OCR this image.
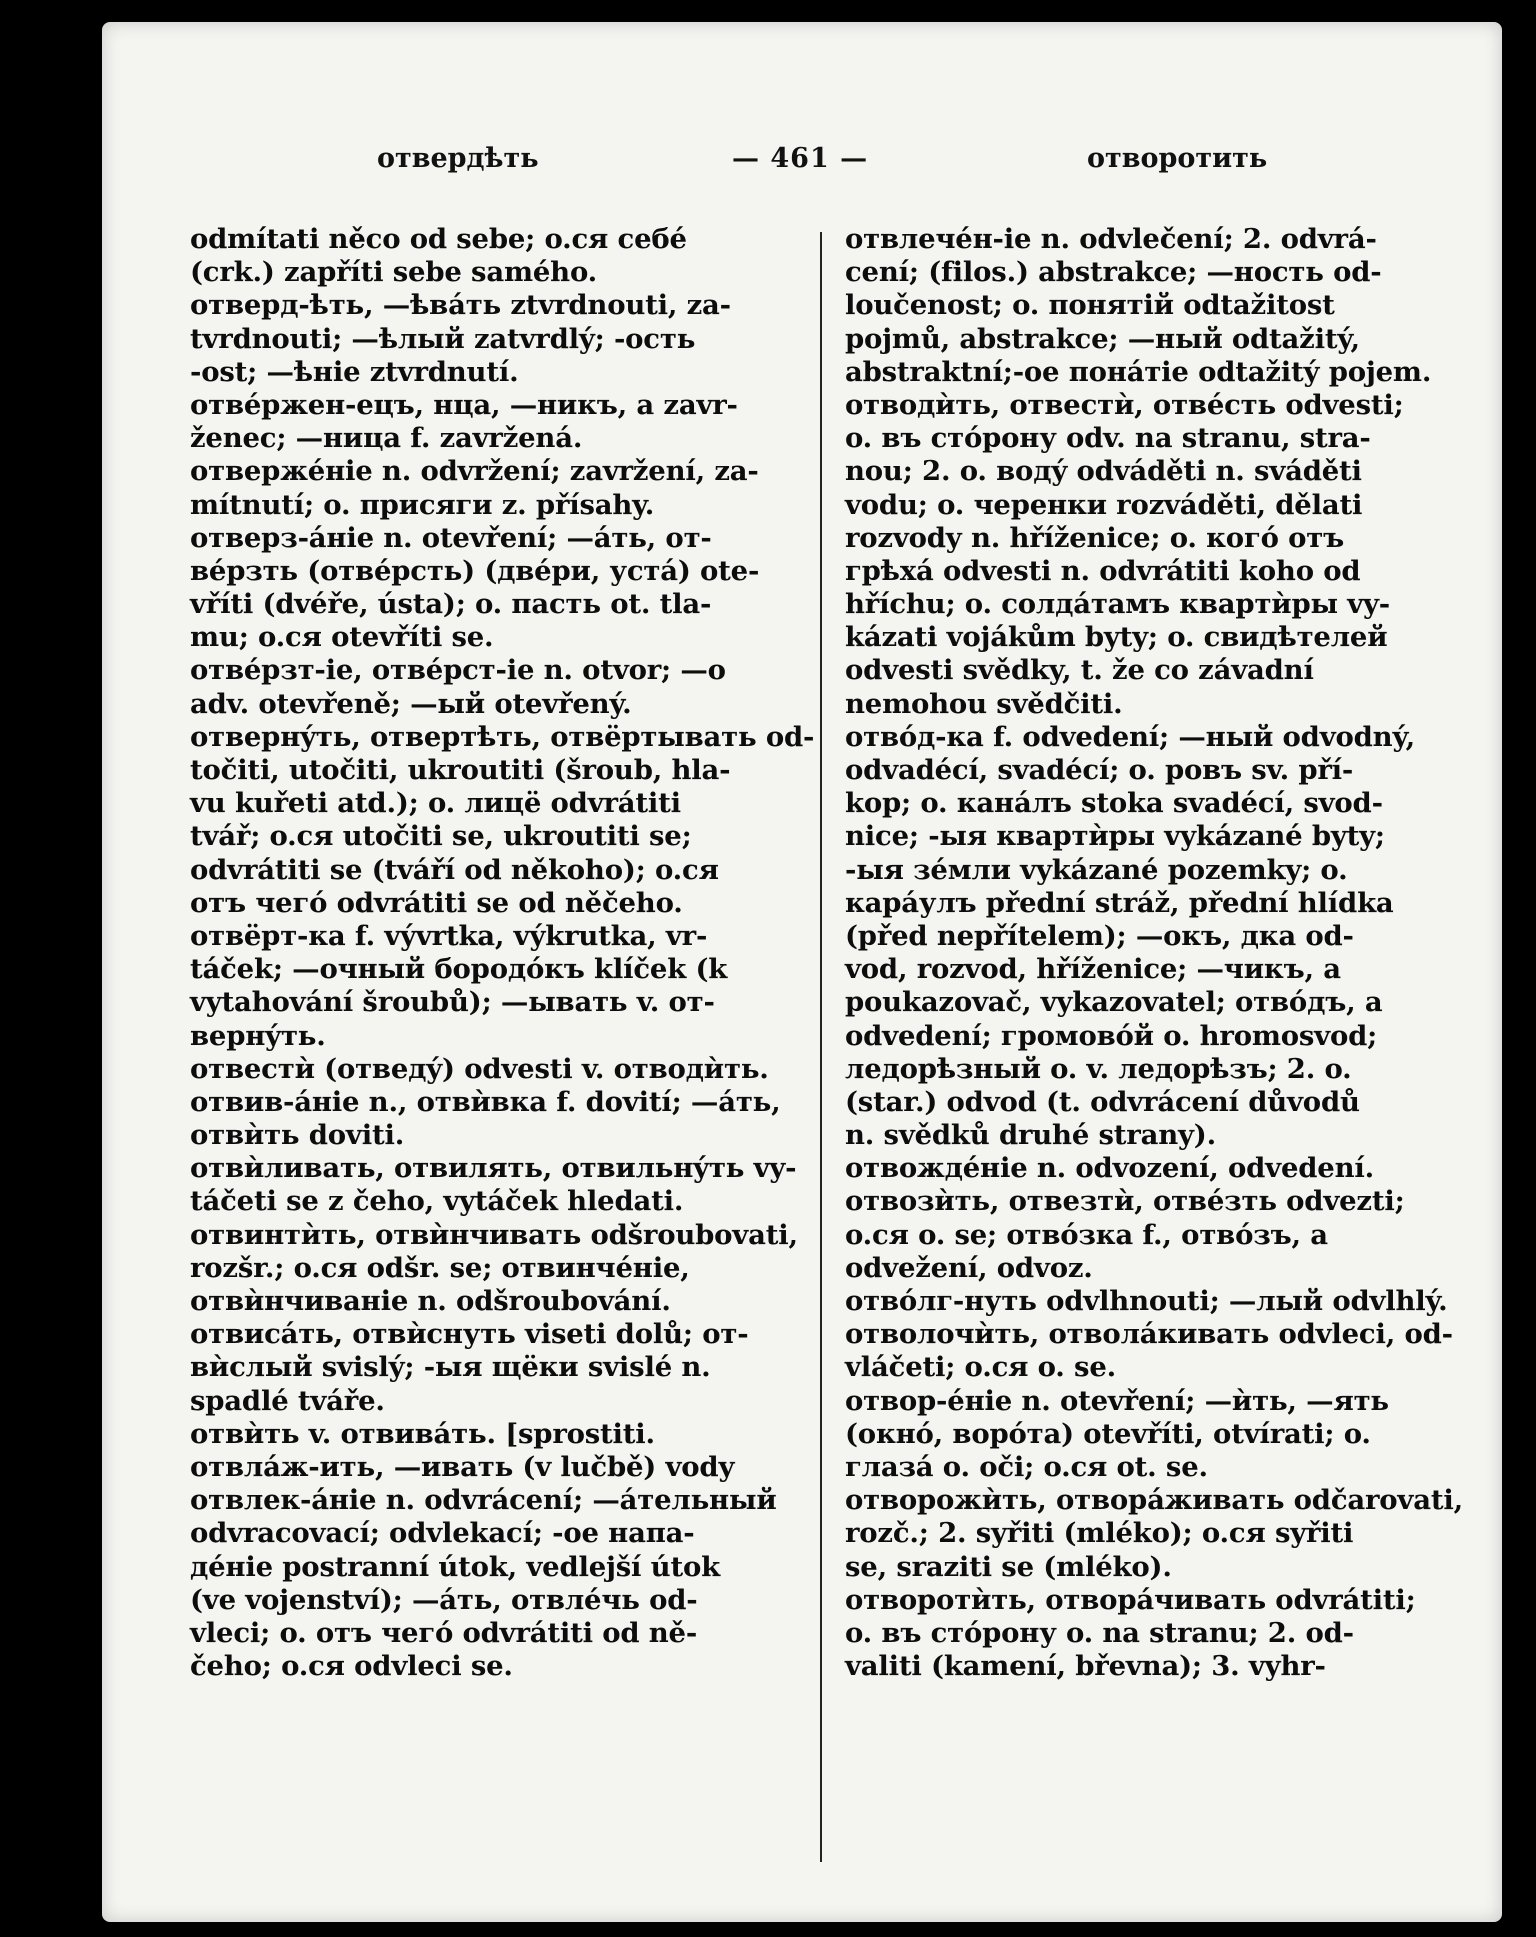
отвердѣть	— 461 —	отворотить
odmítati něco od sebe; o.ся себé
(crk.) zapříti sebe samého.
отверд-ѣть, —ѣвáть ztvrdnouti, za-
tvrdnouti; —ѣлый zatvrdlý; -ость
-ost; —ѣніе ztvrdnutí.
отвéржен-ецъ, нца, —никъ, a zavr-
ženec; —ница f. zavržená.
отвержéніе n. odvržení; zavržení, za-
mítnutí; o. присяги z. přísahy.
отверз-áніе n. otevření; —áть, от-
вéрзть (отвéрсть) (двéри, устá) ote-
vříti (dvéře, ústa); o. пасть ot. tla-
mu; o.ся otevříti se.
отвéрзт-ie, отвéрст-ie n. otvor; —o
adv. otevřeně; —ый otevřený.
отвернýть, отвертѣть, отвёртывать od-
točiti, utočiti, ukroutiti (šroub, hla-
vu kuřeti atd.); o. лицё odvrátiti
tvář; o.ся utočiti se, ukroutiti se;
odvrátiti se (tváří od někoho); o.ся
отъ чегó odvrátiti se od něčeho.
отвёрт-ка f. vývrtka, výkrutka, vr-
táček; —очный бородóкъ klíček (k
vytahování šroubů); —ывать v. от-
вернýть.
отвестѝ (отведý) odvesti v. отводѝть.
отвив-áніе n., отвѝвка f. dovití; —áть,
отвѝть doviti.
отвѝливать, отвилять, отвильнýть vy-
táčeti se z čeho, vytáček hledati.
отвинтѝть, отвѝнчивать odšroubovati,
rozšr.; o.ся odšr. se; отвинчéніе,
отвѝнчиваніе n. odšroubování.
отвисáть, отвѝснуть viseti dolů; от-
вѝслый svislý; -ыя щёки svislé n.
spadlé tváře.
отвѝть v. отвивáть. [sprostiti.
отвлáж-ить, —ивать (v lučbě) vody
отвлек-áніе n. odvrácení; —áтельный
odvracovací; odvlekací; -oe напа-
дéніе postranní útok, vedlejší útok
(ve vojenství); —áть, отвлéчь od-
vleci; o. отъ чегó odvrátiti od ně-
čeho; o.ся odvleci se.
отвлечéн-ie n. odvlečení; 2. odvrá-
cení; (filos.) abstrakce; —ность od-
loučenost; o. понятій odtažitost
pojmů, abstrakce; —ный odtažitý,
abstraktní;-oe понáтie odtažitý pojem.
отводѝть, отвестѝ, отвéсть odvesti;
o. въ стóрону odv. na stranu, stra-
nou; 2. o. водý odváděti n. sváděti
vodu; o. черенки rozváděti, dělati
rozvody n. hříženice; o. когó отъ
грѣхá odvesti n. odvrátiti koho od
hříchu; o. солдáтамъ квартѝры vy-
kázati vojákům byty; o. свидѣтелей
odvesti svědky, t. že co závadní
nemohou svědčiti.
отвóд-ка f. odvedení; —ный odvodný,
odvadécí, svadécí; o. ровъ sv. pří-
kop; o. канáлъ stoka svadécí, svod-
nice; -ыя квартѝры vykázané byty;
-ыя зéмли vykázané pozemky; o.
карáулъ přední stráž, přední hlídka
(před nepřítelem); —окъ, дка od-
vod, rozvod, hříženice; —чикъ, a
poukazovač, vykazovatel; отвóдъ, a
odvedení; громовóй o. hromosvod;
ледорѣзный o. v. ледорѣзъ; 2. o.
(star.) odvod (t. odvrácení důvodů
n. svědků druhé strany).
отвождéніе n. odvození, odvedení.
отвозѝть, отвезтѝ, отвéзть odvezti;
o.ся o. se; отвóзка f., отвóзъ, a
odvežení, odvoz.
отвóлг-нуть odvlhnouti; —лый odvlhlý.
отволочѝть, отволáкивать odvleci, od-
vláčeti; o.ся o. se.
отвор-éніе n. otevření; —ѝть, —ять
(oкнó, ворóта) otevříti, otvírati; o.
глазá o. oči; o.ся ot. se.
отворожѝть, отворáживать odčarovati,
rozč.; 2. syřiti (mléko); o.ся syřiti
se, sraziti se (mléko).
отворотѝть, отворáчивать odvrátiti;
o. въ стóрону o. na stranu; 2. od-
valiti (kamení, břevna); 3. vyhr-
